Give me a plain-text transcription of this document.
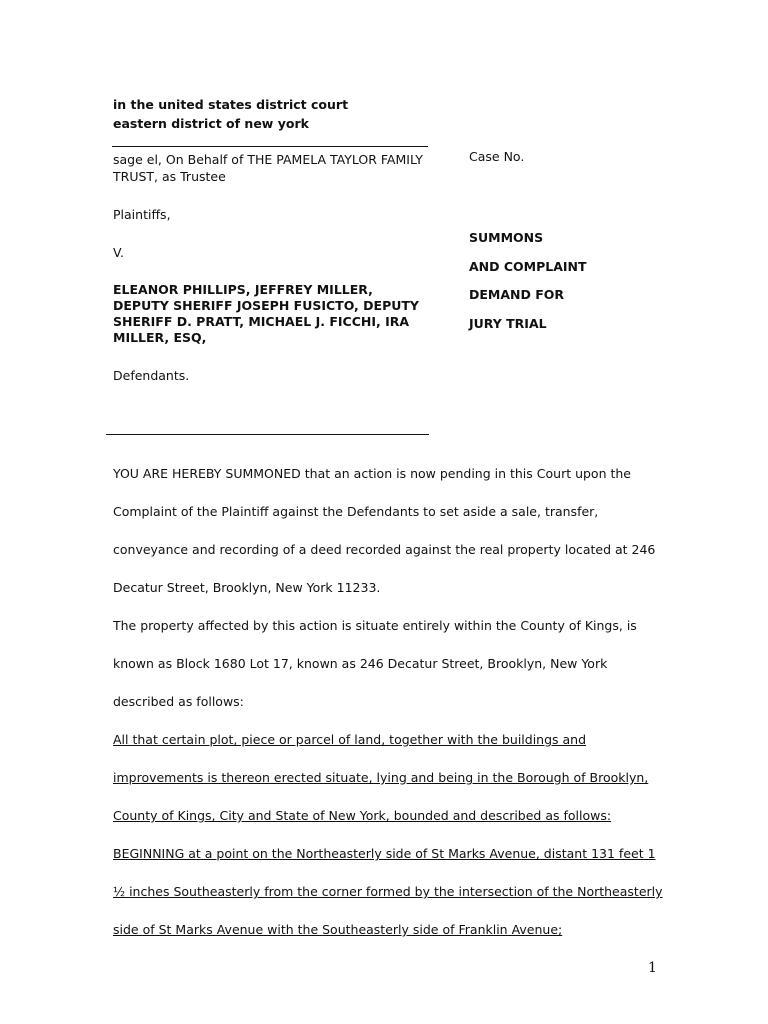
in the united states district court
eastern district of new york
sage el, On Behalf of THE PAMELA TAYLOR FAMILY TRUST, as Trustee
Plaintiffs,
V.
ELEANOR PHILLIPS, JEFFREY MILLER, DEPUTY SHERIFF JOSEPH FUSICTO, DEPUTY SHERIFF D. PRATT, MICHAEL J. FICCHI, IRA MILLER, ESQ,
Defendants.
Case No.
SUMMONS
AND COMPLAINT
DEMAND FOR
JURY TRIAL
YOU ARE HEREBY SUMMONED that an action is now pending in this Court upon the
Complaint of the Plaintiff against the Defendants to set aside a sale, transfer,
conveyance and recording of a deed recorded against the real property located at 246
Decatur Street, Brooklyn, New York 11233.
The property affected by this action is situate entirely within the County of Kings, is
known as Block 1680 Lot 17, known as 246 Decatur Street, Brooklyn, New York
described as follows:
All that certain plot, piece or parcel of land, together with the buildings and
improvements is thereon erected situate, lying and being in the Borough of Brooklyn,
County of Kings, City and State of New York, bounded and described as follows:
BEGINNING at a point on the Northeasterly side of St Marks Avenue, distant 131 feet 1
½ inches Southeasterly from the corner formed by the intersection of the Northeasterly
side of St Marks Avenue with the Southeasterly side of Franklin Avenue;
1
